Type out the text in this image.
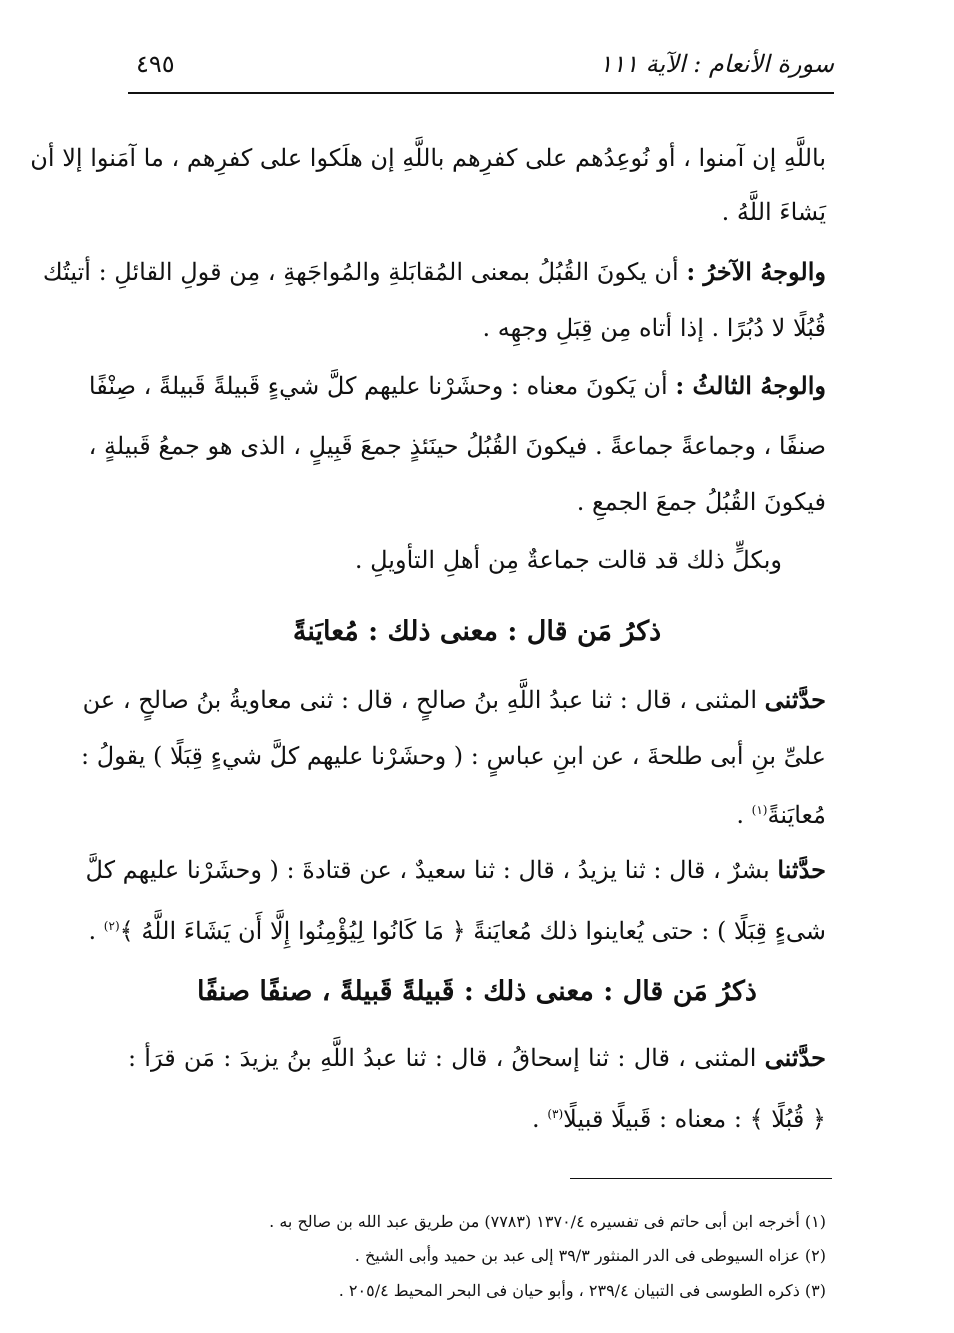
سورة الأنعام : الآية ١١١
٤٩٥
باللَّهِ إن آمنوا ، أو نُوعِدُهم على كفرِهم باللَّهِ إن هلَكوا على كفرِهم ، ما آمَنوا إلا أن
يَشاءَ اللَّهُ .
والوجهُ الآخرُ : أن يكونَ القُبُلُ بمعنى المُقابَلةِ والمُواجَهةِ ، مِن قولِ القائلِ : أتيتُك
قُبُلًا لا دُبُرًا . إذا أتاه مِن قِبَلِ وجهِه .
والوجهُ الثالثُ : أن يَكونَ معناه : وحشَرْنا عليهم كلَّ شيءٍ قَبيلةً قَبيلةً ، صِنْفًا
صنفًا ، وجماعةً جماعةً . فيكونَ القُبُلُ حينَئذٍ جمعَ قَبِيلٍ ، الذى هو جمعُ قَبيلةٍ ،
فيكونَ القُبُلُ جمعَ الجمعِ .
وبكلٍّ ذلك قد قالت جماعةٌ مِن أهلِ التأويلِ .
ذكرُ مَن قال : معنى ذلك : مُعايَنةً
حدَّثنى المثنى ، قال : ثنا عبدُ اللَّهِ بنُ صالحٍ ، قال : ثنى معاويةُ بنُ صالحٍ ، عن
علىِّ بنِ أبى طلحةَ ، عن ابنِ عباسٍ : ( وحشَرْنا عليهم كلَّ شيءٍ قِبَلًا ) يقولُ :
مُعايَنةً$^{(١)}$ .
حدَّثنا بشرٌ ، قال : ثنا يزيدُ ، قال : ثنا سعيدٌ ، عن قتادةَ : ( وحشَرْنا عليهم كلَّ
شىءٍ قِبَلًا ) : حتى يُعاينوا ذلك مُعايَنةً ﴿ مَا كَانُوا لِيُؤْمِنُوا إِلَّا أَن يَشَاءَ اللَّهُ ﴾$^{(٢)}$ .
ذكرُ مَن قال : معنى ذلك : قَبيلةً قَبيلةً ، صنفًا صنفًا
حدَّثنى المثنى ، قال : ثنا إسحاقُ ، قال : ثنا عبدُ اللَّهِ بنُ يزيدَ : مَن قرَأ :
﴿ قُبُلًا ﴾ : معناه : قَبيلًا قبيلًا$^{(٣)}$ .
(١) أخرجه ابن أبى حاتم فى تفسيره ١٣٧٠/٤ (٧٧٨٣) من طريق عبد الله بن صالح به .
(٢) عزاه السيوطى فى الدر المنثور ٣٩/٣ إلى عبد بن حميد وأبى الشيخ .
(٣) ذكره الطوسى فى التبيان ٢٣٩/٤ ، وأبو حيان فى البحر المحيط ٢٠٥/٤ .
